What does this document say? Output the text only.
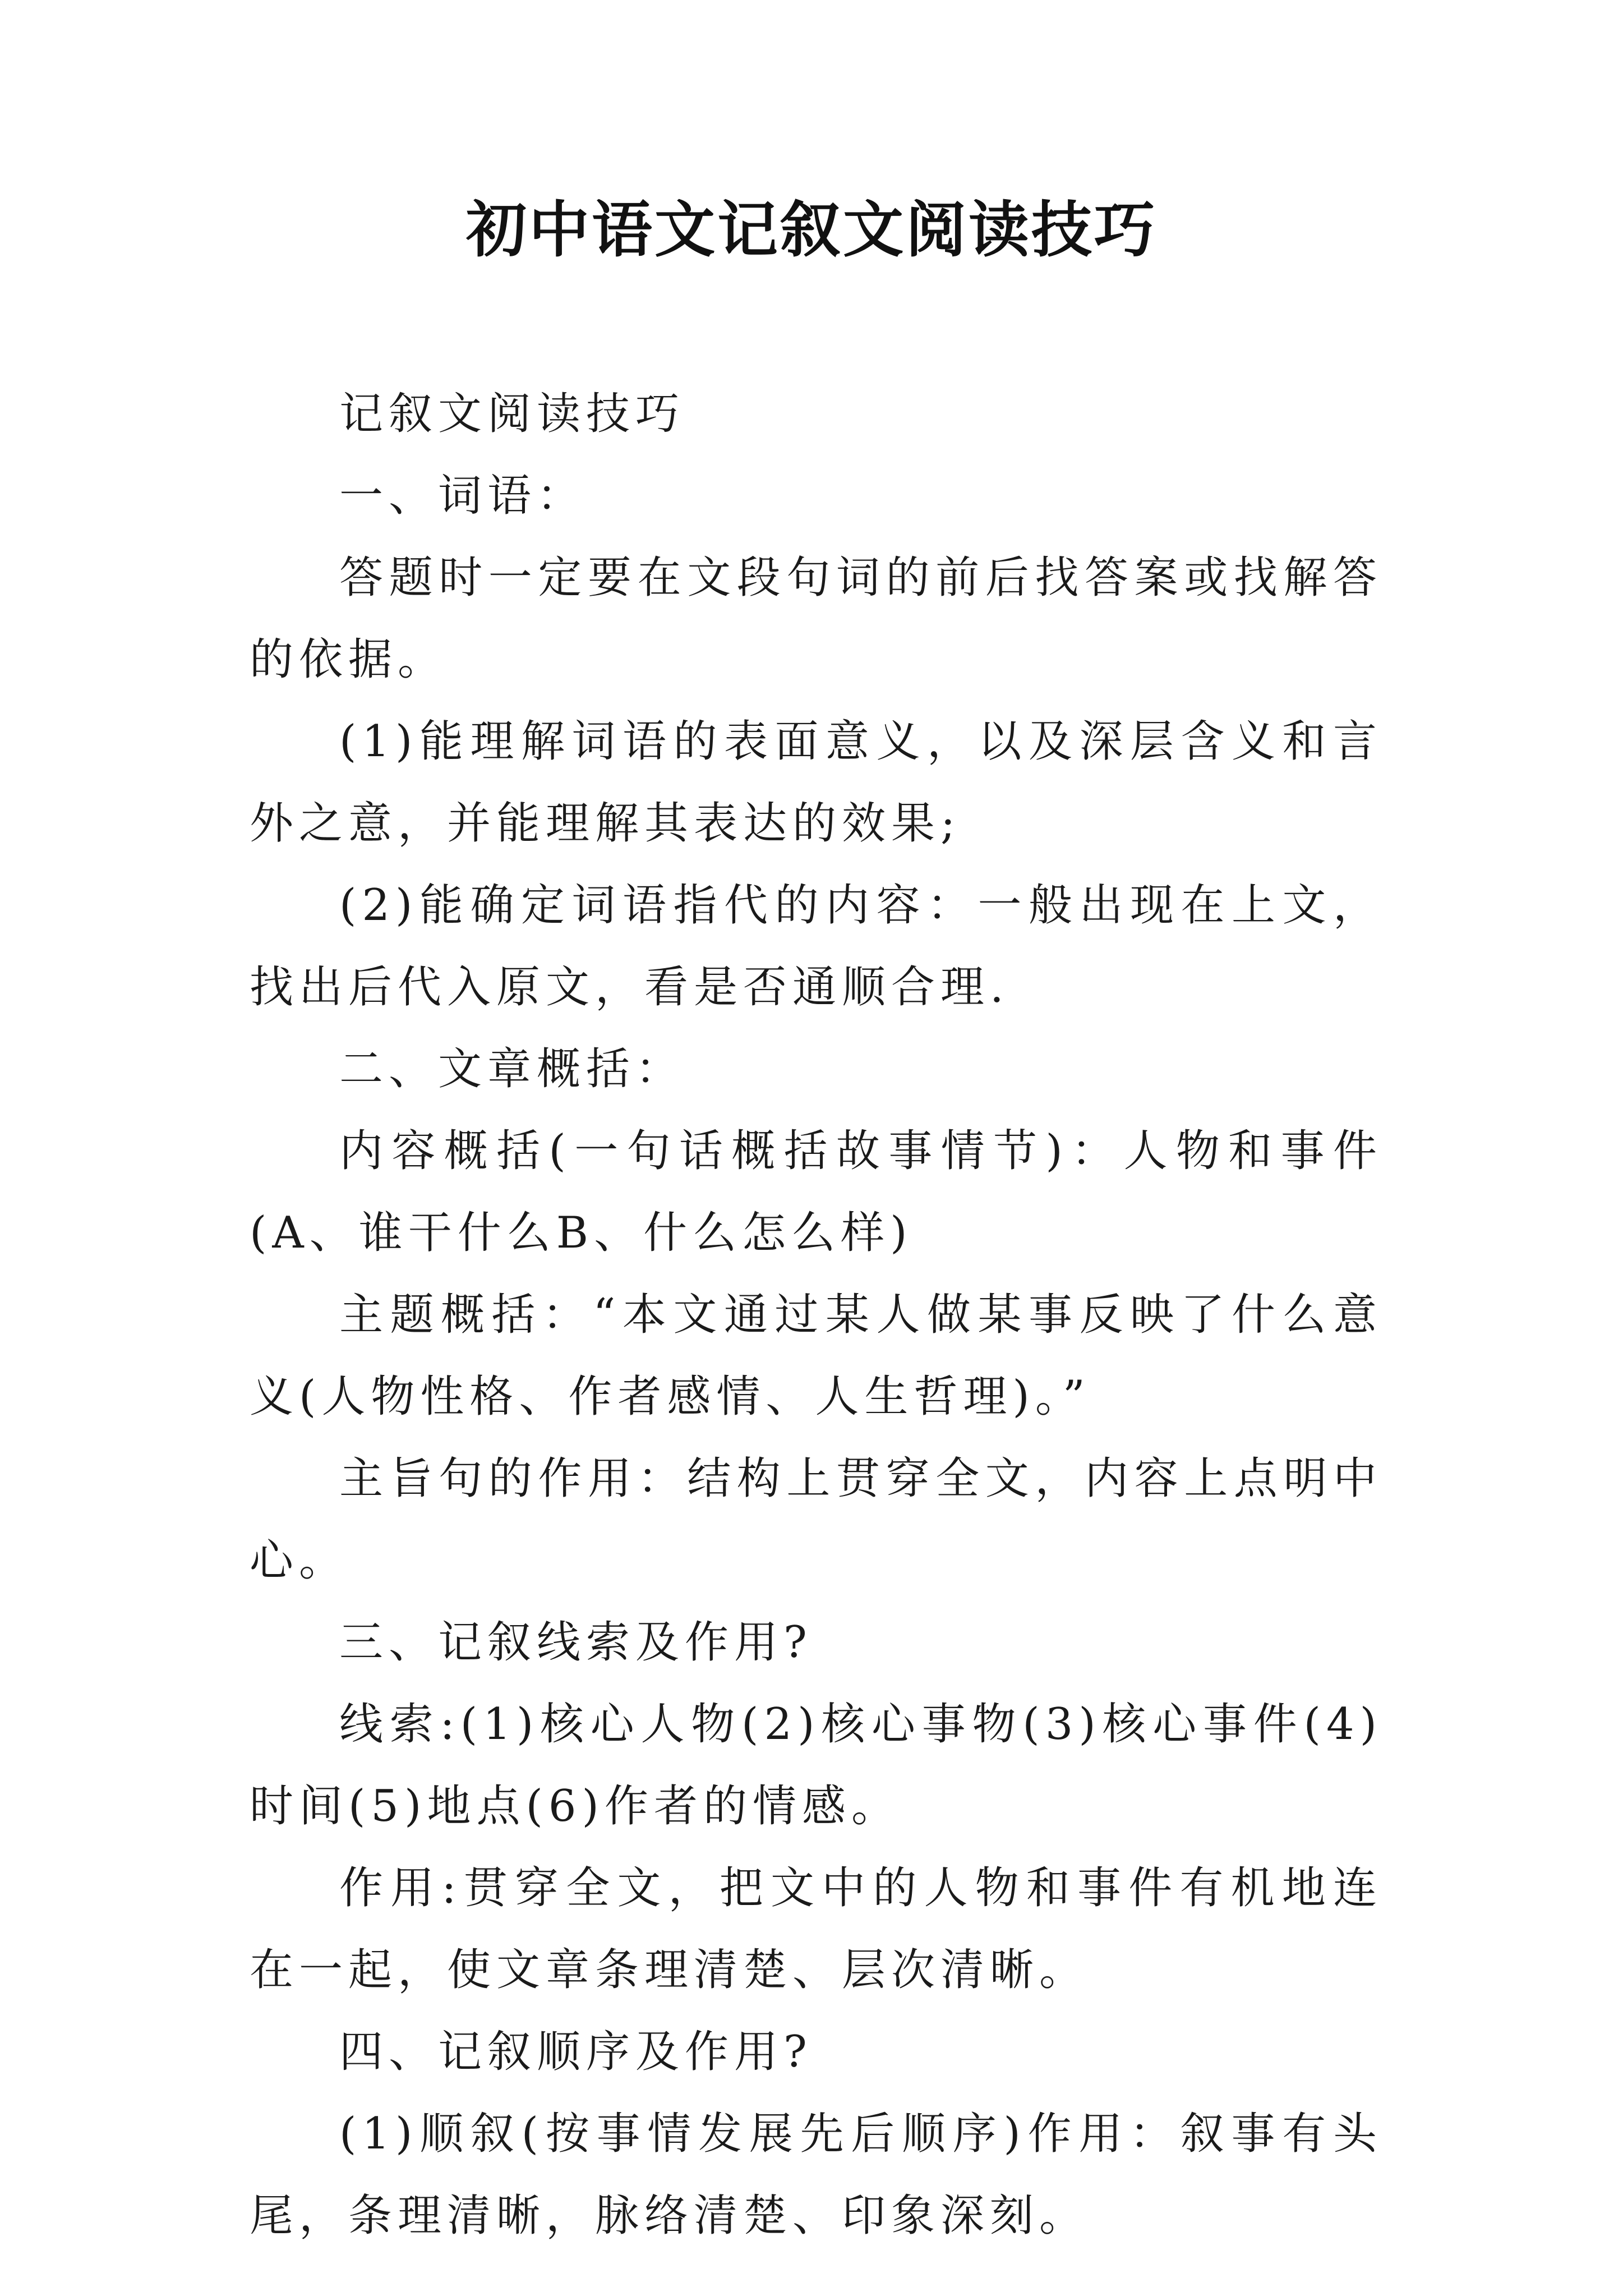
初中语文记叙文阅读技巧

记叙文阅读技巧

一、词语：

答题时一定要在文段句词的前后找答案或找解答的依据。

(1)能理解词语的表面意义，以及深层含义和言外之意，并能理解其表达的效果;

(2)能确定词语指代的内容：一般出现在上文，找出后代入原文，看是否通顺合理.

二、文章概括：

内容概括(一句话概括故事情节)：人物和事件(A、谁干什么B、什么怎么样)

主题概括：“本文通过某人做某事反映了什么意义(人物性格、作者感情、人生哲理)。”

主旨句的作用：结构上贯穿全文，内容上点明中心。

三、记叙线索及作用?

线索:(1)核心人物(2)核心事物(3)核心事件(4)时间(5)地点(6)作者的情感。

作用:贯穿全文，把文中的人物和事件有机地连在一起，使文章条理清楚、层次清晰。

四、记叙顺序及作用?

(1)顺叙(按事情发展先后顺序)作用：叙事有头尾，条理清晰，脉络清楚、印象深刻。
